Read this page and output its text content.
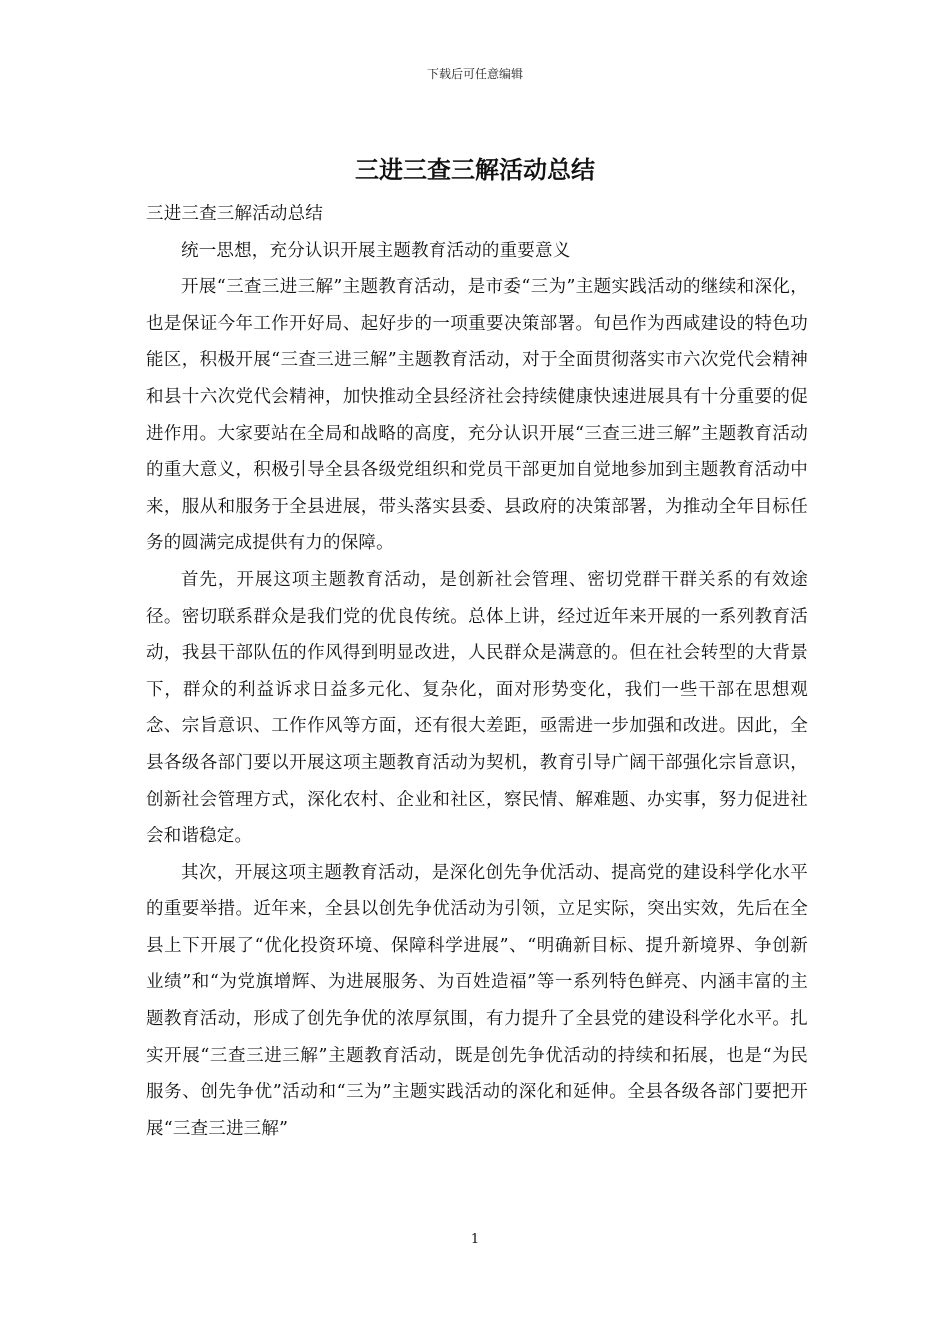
下载后可任意编辑
三进三查三解活动总结

三进三查三解活动总结

统一思想，充分认识开展主题教育活动的重要意义

开展“三查三进三解”主题教育活动，是市委“三为”主题实践活动的继续和深化，也是保证今年工作开好局、起好步的一项重要决策部署。旬邑作为西咸建设的特色功能区，积极开展“三查三进三解”主题教育活动，对于全面贯彻落实市六次党代会精神和县十六次党代会精神，加快推动全县经济社会持续健康快速进展具有十分重要的促进作用。大家要站在全局和战略的高度，充分认识开展“三查三进三解”主题教育活动的重大意义，积极引导全县各级党组织和党员干部更加自觉地参加到主题教育活动中来，服从和服务于全县进展，带头落实县委、县政府的决策部署，为推动全年目标任务的圆满完成提供有力的保障。

首先，开展这项主题教育活动，是创新社会管理、密切党群干群关系的有效途径。密切联系群众是我们党的优良传统。总体上讲，经过近年来开展的一系列教育活动，我县干部队伍的作风得到明显改进，人民群众是满意的。但在社会转型的大背景下，群众的利益诉求日益多元化、复杂化，面对形势变化，我们一些干部在思想观念、宗旨意识、工作作风等方面，还有很大差距，亟需进一步加强和改进。因此，全县各级各部门要以开展这项主题教育活动为契机，教育引导广阔干部强化宗旨意识，创新社会管理方式，深化农村、企业和社区，察民情、解难题、办实事，努力促进社会和谐稳定。

其次，开展这项主题教育活动，是深化创先争优活动、提高党的建设科学化水平的重要举措。近年来，全县以创先争优活动为引领，立足实际，突出实效，先后在全县上下开展了“优化投资环境、保障科学进展”、“明确新目标、提升新境界、争创新业绩”和“为党旗增辉、为进展服务、为百姓造福”等一系列特色鲜亮、内涵丰富的主题教育活动，形成了创先争优的浓厚氛围，有力提升了全县党的建设科学化水平。扎实开展“三查三进三解”主题教育活动，既是创先争优活动的持续和拓展，也是“为民服务、创先争优”活动和“三为”主题实践活动的深化和延伸。全县各级各部门要把开展“三查三进三解”

1
